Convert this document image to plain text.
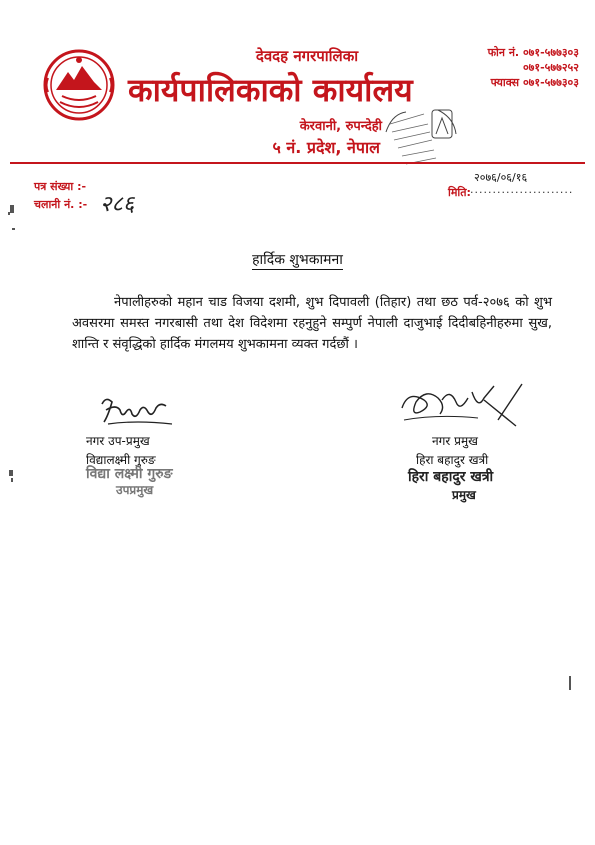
देवदह नगरपालिका
कार्यपालिकाको कार्यालय
केरवानी, रुपन्देही
५ नं. प्रदेश, नेपाल
फोन नं. ०७१-५७७३०३
०७१-५७७२५२
फ्याक्स ०७१-५७७३०३
पत्र संख्या :-
चलानी नं. :- २८६
२०७६/०६/१६
मिति: .......................
हार्दिक शुभकामना
नेपालीहरुको महान चाड विजया दशमी, शुभ दिपावली (तिहार) तथा छठ पर्व-२०७६ को शुभ अवसरमा समस्त नगरबासी तथा देश विदेशमा रहनुहुने सम्पुर्ण नेपाली दाजुभाई दिदीबहिनीहरुमा सुख, शान्ति र संवृद्धिको हार्दिक मंगलमय शुभकामना व्यक्त गर्दछौं ।
नगर उप-प्रमुख
विद्यालक्ष्मी गुरुङ
विद्या लक्ष्मी गुरुङ
उपप्रमुख
नगर प्रमुख
हिरा बहादुर खत्री
हिरा बहादुर खत्री
प्रमुख
